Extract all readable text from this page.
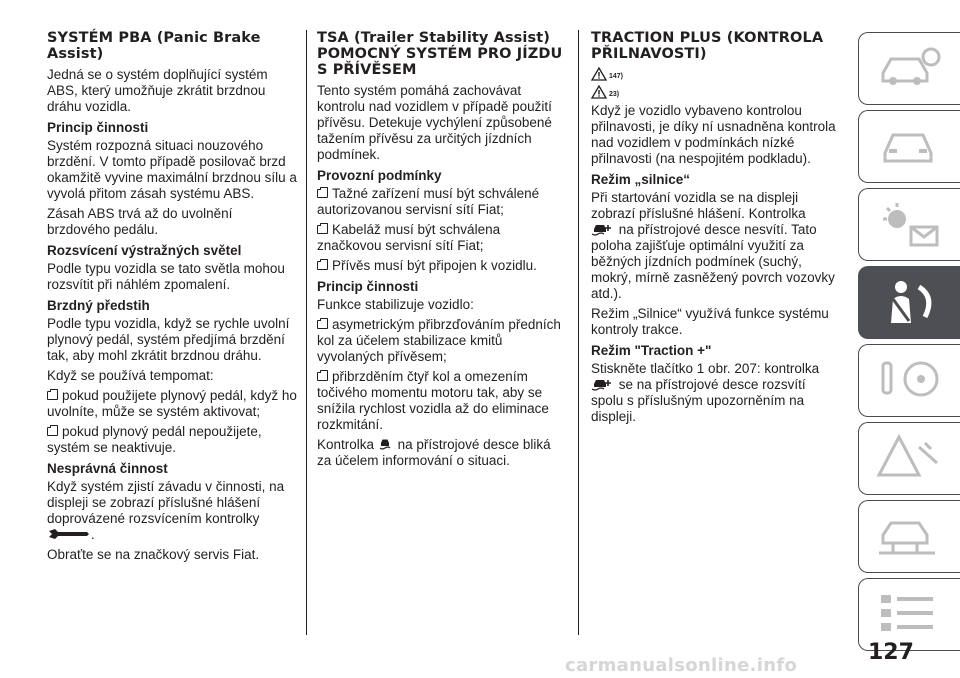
SYSTÉM PBA (Panic Brake Assist)

Jedná se o systém doplňující systém ABS, který umožňuje zkrátit brzdnou dráhu vozidla.

Princip činnosti

Systém rozpozná situaci nouzového brzdění. V tomto případě posilovač brzd okamžitě vyvine maximální brzdnou sílu a vyvolá přitom zásah systému ABS.

Zásah ABS trvá až do uvolnění brzdového pedálu.

Rozsvícení výstražných světel

Podle typu vozidla se tato světla mohou rozsvítit při náhlém zpomalení.

Brzdný předstih

Podle typu vozidla, když se rychle uvolní plynový pedál, systém předjímá brzdění tak, aby mohl zkrátit brzdnou dráhu.

Když se používá tempomat:

pokud použijete plynový pedál, když ho uvolníte, může se systém aktivovat;
pokud plynový pedál nepoužijete, systém se neaktivuje.
Nesprávná činnost

Když systém zjistí závadu v činnosti, na displeji se zobrazí příslušné hlášení doprovázené rozsvícením kontrolky
.

Obraťte se na značkový servis Fiat.

TSA (Trailer Stability Assist) POMOCNÝ SYSTÉM PRO JÍZDU S PŘÍVĚSEM

Tento systém pomáhá zachovávat kontrolu nad vozidlem v případě použití přívěsu. Detekuje vychýlení způsobené tažením přívěsu za určitých jízdních podmínek.

Provozní podmínky
Tažné zařízení musí být schválené autorizovanou servisní sítí Fiat;
Kabeláž musí být schválena značkovou servisní sítí Fiat;
Přívěs musí být připojen k vozidlu.
Princip činnosti

Funkce stabilizuje vozidlo:

asymetrickým přibrzďováním předních kol za účelem stabilizace kmitů vyvolaných přívěsem;
přibrzděním čtyř kol a omezením točivého momentu motoru tak, aby se snížila rychlost vozidla až do eliminace rozkmitání.

Kontrolka na přístrojové desce bliká za účelem informování o situaci.

TRACTION PLUS (KONTROLA PŘILNAVOSTI)
147)
23)

Když je vozidlo vybaveno kontrolou přilnavosti, je díky ní usnadněna kontrola nad vozidlem v podmínkách nízké přilnavosti (na nespojitém podkladu).

Režim „silnice“

Při startování vozidla se na displeji zobrazí příslušné hlášení. Kontrolka
na přístrojové desce nesvítí. Tato poloha zajišťuje optimální využití za běžných jízdních podmínek (suchý, mokrý, mírně zasněžený povrch vozovky atd.).

Režim „Silnice“ využívá funkce systému kontroly trakce.

Režim "Traction +"

Stiskněte tlačítko 1 obr. 207: kontrolka
se na přístrojové desce rozsvítí spolu s příslušným upozorněním na displeji.

127
carmanualsonline.info
